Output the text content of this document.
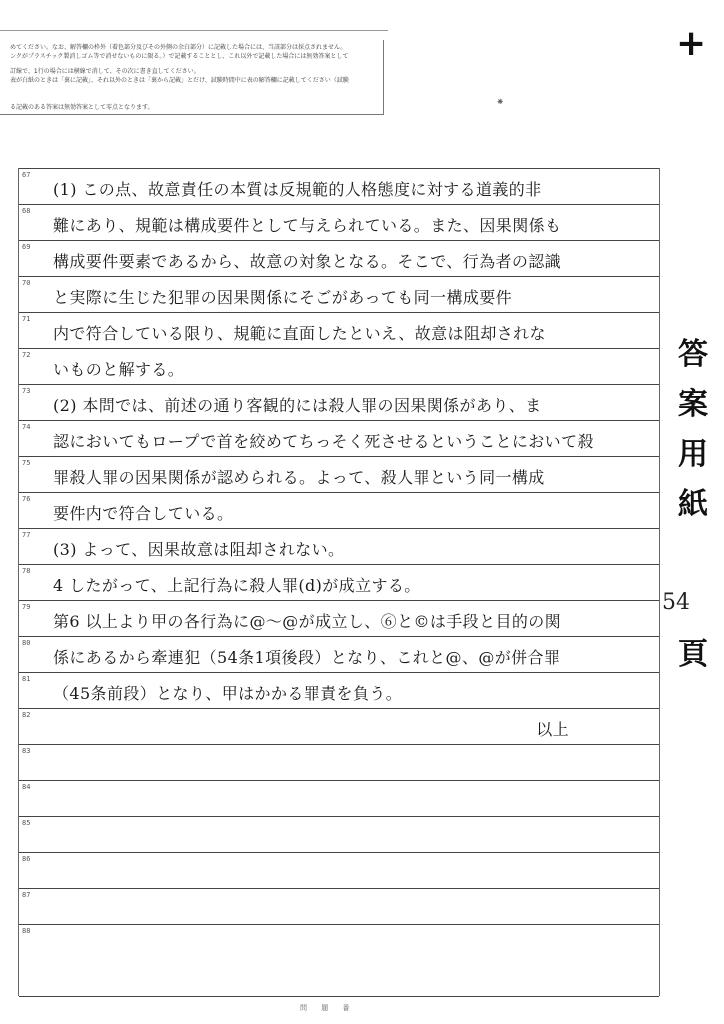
めてください。なお、解答欄の枠外（着色部分及びその外側の余白部分）に記載した場合には、当該部分は採点されません。
ンクがプラスチック製消しゴム等で消せないものに限る。）で記載することとし、これ以外で記載した場合には無効答案として
訂線で、1行の場合には横線で消して、その次に書き直してください。
表が白紙のときは「裏に記載」、それ以外のときは「裏から記載」とだけ、試験時間中に表の解答欄に記載してください（試験
る記載のある答案は無効答案として零点となります。
+
⁕
67
(1) この点、故意責任の本質は反規範的人格態度に対する道義的非
68
難にあり、規範は構成要件として与えられている。また、因果関係も
69
構成要件要素であるから、故意の対象となる。そこで、行為者の認識
70
と実際に生じた犯罪の因果関係にそごがあっても同一構成要件
71
内で符合している限り、規範に直面したといえ、故意は阻却されな
72
いものと解する。
73
(2) 本問では、前述の通り客観的には殺人罪の因果関係があり、ま
74
認においてもロープで首を絞めてちっそく死させるということにおいて殺
75
罪殺人罪の因果関係が認められる。よって、殺人罪という同一構成
76
要件内で符合している。
77
(3) よって、因果故意は阻却されない。
78
4 したがって、上記行為に殺人罪(d)が成立する。
79
第6 以上より甲の各行為に@〜@が成立し、⑥と©は手段と目的の関
80
係にあるから牽連犯（54条1項後段）となり、これと@、@が併合罪
81
（45条前段）となり、甲はかかる罪責を負う。
82
以上
83
84
85
86
87
88
問 題 番
答
案
用
紙
54
頁
